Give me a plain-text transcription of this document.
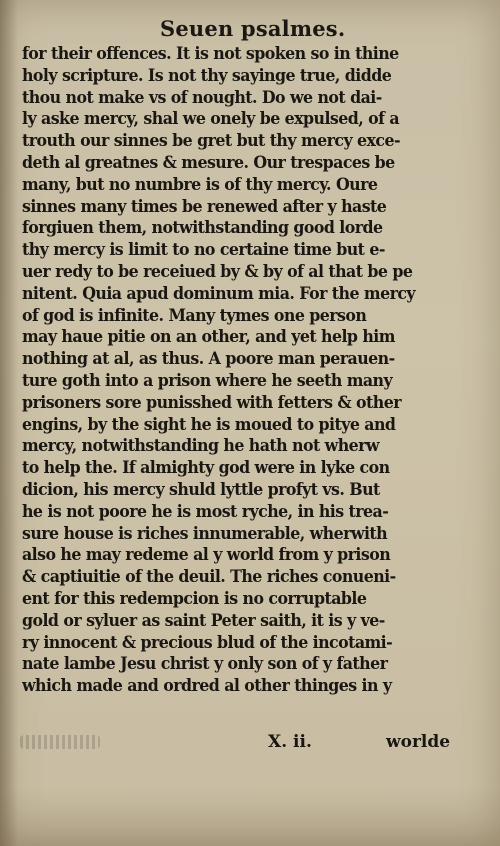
Seuen psalmes.
for their offences. It is not spoken so in thine
holy scripture. Is not thy sayinge true, didde
thou not make vs of nought. Do we not dai-
ly aske mercy, shal we onely be expulsed, of a
trouth our sinnes be gret but thy mercy exce-
deth al greatnes & mesure. Our trespaces be
many, but no numbre is of thy mercy. Oure
sinnes many times be renewed after y haste
forgiuen them, notwithstanding good lorde
thy mercy is limit to no certaine time but e-
uer redy to be receiued by & by of al that be pe
nitent. Quia apud dominum mia. For the mercy
of god is infinite. Many tymes one person
may haue pitie on an other, and yet help him
nothing at al, as thus. A poore man perauen-
ture goth into a prison where he seeth many
prisoners sore punisshed with fetters & other
engins, by the sight he is moued to pitye and
mercy, notwithstanding he hath not wherw
to help the. If almighty god were in lyke con
dicion, his mercy shuld lyttle profyt vs. But
he is not poore he is most ryche, in his trea-
sure house is riches innumerable, wherwith
also he may redeme al y world from y prison
& captiuitie of the deuil. The riches conueni-
ent for this redempcion is no corruptable
gold or syluer as saint Peter saith, it is y ve-
ry innocent & precious blud of the incotami-
nate lambe Jesu christ y only son of y father
which made and ordred al other thinges in y
X. ii.	worlde
